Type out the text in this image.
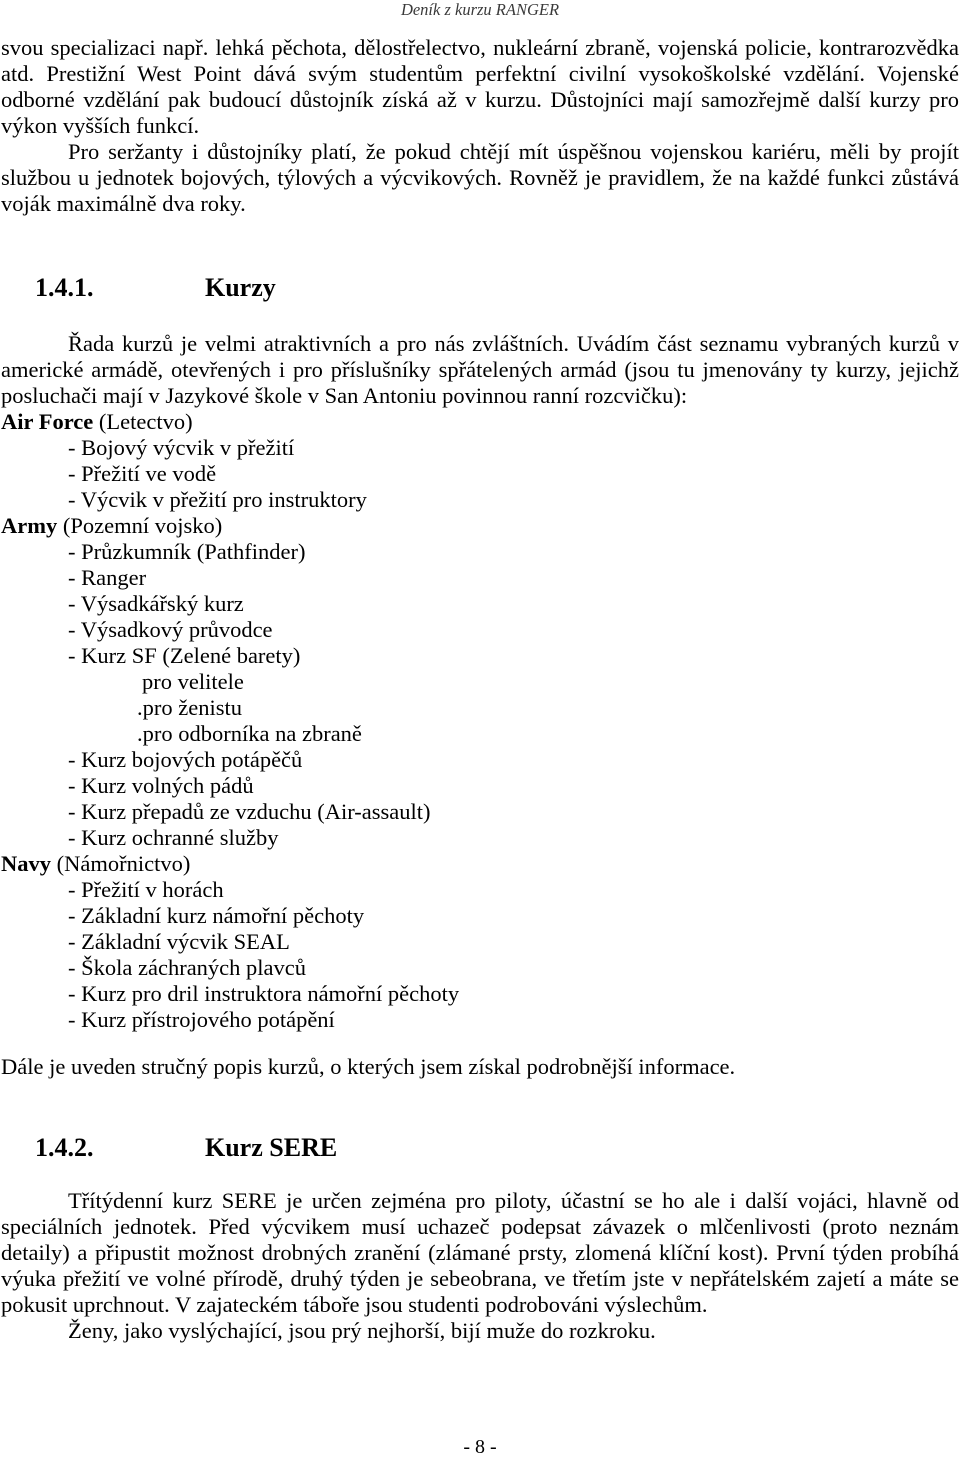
Deník z kurzu RANGER
svou specializaci např. lehká pěchota, dělostřelectvo, nukleární zbraně, vojenská policie, kontrarozvědka
atd. Prestižní West Point dává svým studentům perfektní civilní vysokoškolské vzdělání. Vojenské
odborné vzdělání pak budoucí důstojník získá až v kurzu. Důstojníci mají samozřejmě další kurzy pro
výkon vyšších funkcí.
Pro seržanty i důstojníky platí, že pokud chtějí mít úspěšnou vojenskou kariéru, měli by projít
službou u jednotek bojových, týlových a výcvikových. Rovněž je pravidlem, že na každé funkci zůstává
voják maximálně dva roky.
1.4.1.	Kurzy
Řada kurzů je velmi atraktivních a pro nás zvláštních. Uvádím část seznamu vybraných kurzů v
americké armádě, otevřených i pro příslušníky spřátelených armád (jsou tu jmenovány ty kurzy, jejichž
posluchači mají v Jazykové škole v San Antoniu povinnou ranní rozcvičku):
Air Force (Letectvo)
- Bojový výcvik v přežití
- Přežití ve vodě
- Výcvik v přežití pro instruktory
Army (Pozemní vojsko)
- Průzkumník (Pathfinder)
- Ranger
- Výsadkářský kurz
- Výsadkový průvodce
- Kurz SF (Zelené barety)
pro velitele
.pro ženistu
.pro odborníka na zbraně
- Kurz bojových potápěčů
- Kurz volných pádů
- Kurz přepadů ze vzduchu (Air-assault)
- Kurz ochranné služby
Navy (Námořnictvo)
- Přežití v horách
- Základní kurz námořní pěchoty
- Základní výcvik SEAL
- Škola záchraných plavců
- Kurz pro dril instruktora námořní pěchoty
- Kurz přístrojového potápění
Dále je uveden stručný popis kurzů, o kterých jsem získal podrobnější informace.
1.4.2.	Kurz SERE
Třítýdenní kurz SERE je určen zejména pro piloty, účastní se ho ale i další vojáci, hlavně od
speciálních jednotek. Před výcvikem musí uchazeč podepsat závazek o mlčenlivosti (proto neznám
detaily) a připustit možnost drobných zranění (zlámané prsty, zlomená klíční kost). První týden probíhá
výuka přežití ve volné přírodě, druhý týden je sebeobrana, ve třetím jste v nepřátelském zajetí a máte se
pokusit uprchnout. V zajateckém táboře jsou studenti podrobováni výslechům.
Ženy, jako vyslýchající, jsou prý nejhorší, bijí muže do rozkroku.
- 8 -
